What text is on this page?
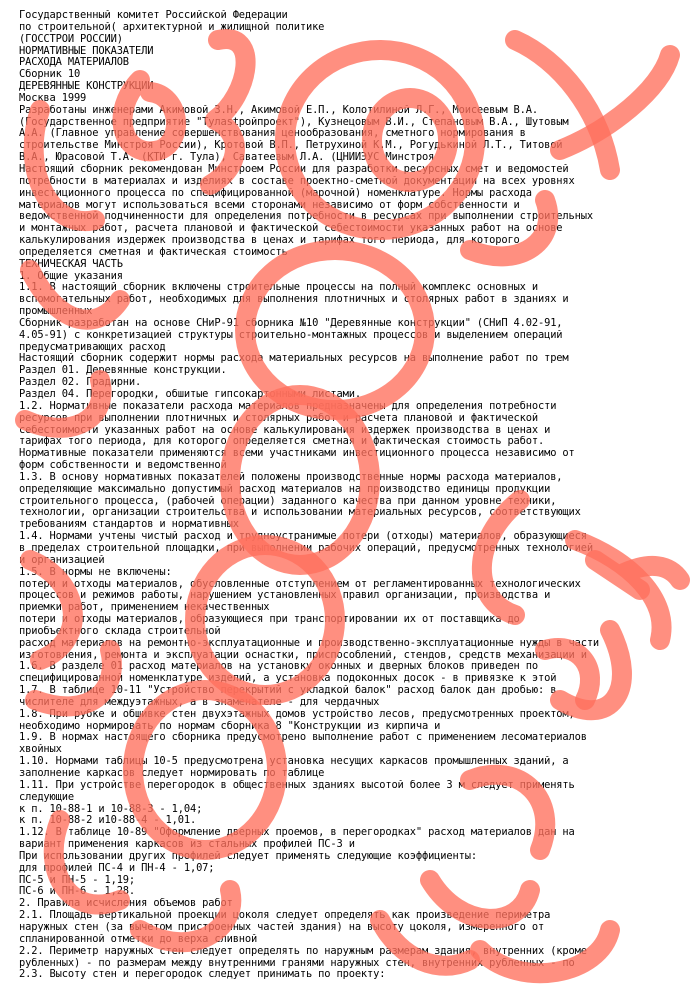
Государственный комитет Российской Федерации
по строительной( архитектурной и жилищной политике
(ГОССТРОЙ РОССИИ)
НОРМАТИВНЫЕ ПОКАЗАТЕЛИ
РАСХОДА МАТЕРИАЛОВ
Сборник 10
ДЕРЕВЯННЫЕ КОНСТРУКЦИИ
Москва 1999
Разработаны инженерами Акимовой З.Н., Акимовой Е.П., Колотилиной Л.Г., Моисеевым В.А.
(Государственное предприятие "Тулastpoйпpoeкт"), Кузнецовым В.И., Степановым В.А., Шутовым
А.А. (Главное управление совершенствования ценообразования, сметного нормирования в
строительстве Минстроя России), Кротовой В.П., Петрухиной К.М., Рогудькиной Л.Т., Титовой
В.А., Юрасовой Т.А. (КТИ г. Тула), Саватеевым Л.А. (ЦНИИЭУС Минстроя
Настоящий сборник рекомендован Минстроем России для разработки ресурсных смет и ведомостей
потребности в материалах и изделиях в составе проектно-сметной документации на всех уровнях
инвестиционного процесса по специфицированной (марочной) номенклатуре. Нормы расхода
материалов могут использоваться всеми сторонами независимо от форм собственности и
ведомственной подчиненности для определения потребности в ресурсах при выполнении строительных
и монтажных работ, расчета плановой и фактической себестоимости указанных работ на основе
калькулирования издержек производства в ценах и тарифах того периода, для которого
определяется сметная и фактическая стоимость
ТЕХНИЧЕСКАЯ ЧАСТЬ
1. Общие указания
1.1. В настоящий сборник включены строительные процессы на полный комплекс основных и
вспомогательных работ, необходимых для выполнения плотничных и столярных работ в зданиях и
промышленных
Сборник разработан на основе СНиР-91 сборника №10 "Деревянные конструкции" (СНиП 4.02-91,
4.05-91) с конкретизацией структуры строительно-монтажных процессов и выделением операций
предусматривающих расход
Настоящий сборник содержит нормы расхода материальных ресурсов на выполнение работ по трем
Раздел 01. Деревянные конструкции.
Раздел 02. Градирни.
Раздел 04. Перегородки, обшитые гипсокартонными листами.
1.2. Нормативные показатели расхода материалов предназначены для определения потребности
ресурсов при выполнении плотничных и столярных работ и расчета плановой и фактической
себестоимости указанных работ на основе калькулирования издержек производства в ценах и
тарифах того периода, для которого определяется сметная и фактическая стоимость работ.
Нормативные показатели применяются всеми участниками инвестиционного процесса независимо от
форм собственности и ведомственной
1.3. В основу нормативных показателей положены производственные нормы расхода материалов,
определяющие максимально допустимый расход материалов на производство единицы продукции
строительного процесса, (рабочей операции) заданного качества при данном уровне техники,
технологии, организации строительства и использовании материальных ресурсов, соответствующих
требованиям стандартов и нормативных
1.4. Нормами учтены чистый расход и трудноустранимые потери (отходы) материалов, образующиеся
в пределах строительной площадки, при выполнении рабочих операций, предусмотренных технологией
и организацией
1.5. В нормы не включены:
потери и отходы материалов, обусловленные отступлением от регламентированных технологических
процессов и режимов работы, нарушением установленных правил организации, производства и
приемки работ, применением некачественных
потери и отходы материалов, образующиеся при транспортировании их от поставщика до
приобъектного склада строительной
расход материалов на ремонтно-эксплуатационные и производственно-эксплуатационные нужды в части
изготовления, ремонта и эксплуатации оснастки, приспособлений, стендов, средств механизации и
1.6. В разделе 01 расход материалов на установку оконных и дверных блоков приведен по
специфицированной номенклатуре изделий, а установка подоконных досок - в привязке к этой
1.7. В таблице 10-11 "Устройство перекрытий с укладкой балок" расход балок дан дробью: в
числителе для междуэтажных, а в знаменателе - для чердачных
1.8. При рубке и обшивке стен двухэтажных домов устройство лесов, предусмотренных проектом,
необходимо нормировать по нормам сборника 8 "Конструкции из кирпича и
1.9. В нормах настоящего сборника предусмотрено выполнение работ с применением лесоматериалов
хвойных
1.10. Нормами таблицы 10-5 предусмотрена установка несущих каркасов промышленных зданий, а
заполнение каркасов следует нормировать по таблице
1.11. При устройстве перегородок в общественных зданиях высотой более 3 м следует применять
следующие
к п. 10-88-1 и 10-88-3 - 1,04;
к п. 10-88-2 и10-88-4 - 1,01.
1.12. В таблице 10-89 "Оформление дверных проемов, в перегородках" расход материалов дан на
вариант применения каркасов из стальных профилей ПС-3 и
При использовании других профилей следует применять следующие коэффициенты:
для профилей ПС-4 и ПН-4 - 1,07;
ПС-5 и ПН-5 - 1,19;
ПС-6 и ПН-6 - 1,28.
2. Правила исчисления объемов работ
2.1. Площадь вертикальной проекции цоколя следует определять как произведение периметра
наружных стен (за вычетом пристроенных частей здания) на высоту цоколя, измеренного от
спланированной отметки до верха сливной
2.2. Периметр наружных стен следует определять по наружным размерам здания, внутренних (кроме
рубленных) - по размерам между внутренними гранями наружных стен, внутренних рубленных - по
2.3. Высоту стен и перегородок следует принимать по проекту:
